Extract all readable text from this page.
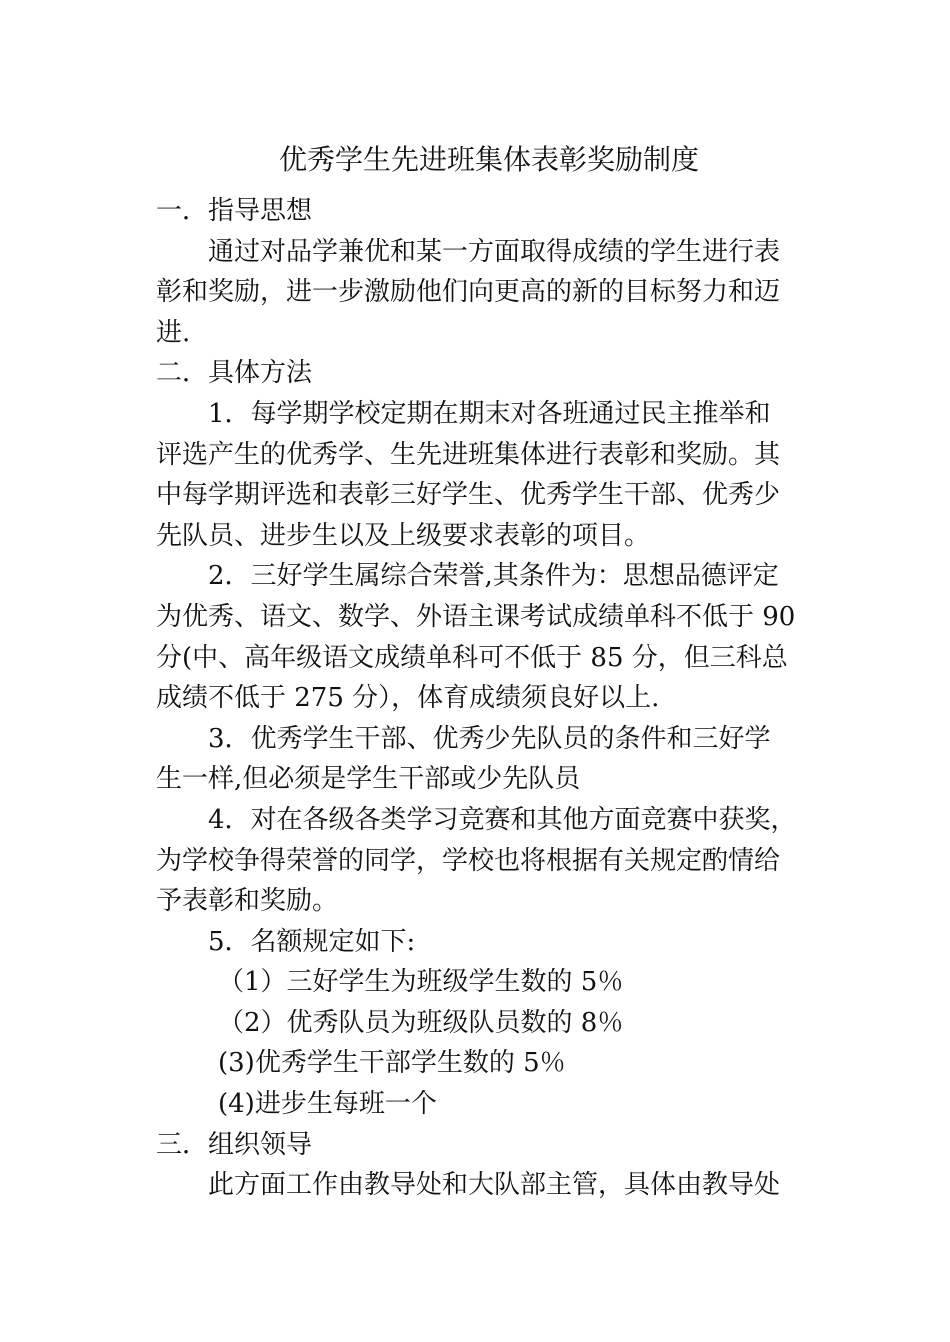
优秀学生先进班集体表彰奖励制度
一．指导思想
通过对品学兼优和某一方面取得成绩的学生进行表
彰和奖励，进一步激励他们向更高的新的目标努力和迈
进.
二．具体方法
1．每学期学校定期在期末对各班通过民主推举和
评选产生的优秀学、生先进班集体进行表彰和奖励。其
中每学期评选和表彰三好学生、优秀学生干部、优秀少
先队员、进步生以及上级要求表彰的项目。
2．三好学生属综合荣誉,其条件为：思想品德评定
为优秀、语文、数学、外语主课考试成绩单科不低于 90
分(中、高年级语文成绩单科可不低于 85 分，但三科总
成绩不低于 275 分），体育成绩须良好以上.
3．优秀学生干部、优秀少先队员的条件和三好学
生一样,但必须是学生干部或少先队员
4．对在各级各类学习竞赛和其他方面竞赛中获奖，
为学校争得荣誉的同学，学校也将根据有关规定酌情给
予表彰和奖励。
5．名额规定如下:
（1）三好学生为班级学生数的 5％
（2）优秀队员为班级队员数的 8％
(3)优秀学生干部学生数的 5％
(4)进步生每班一个
三．组织领导
此方面工作由教导处和大队部主管，具体由教导处
